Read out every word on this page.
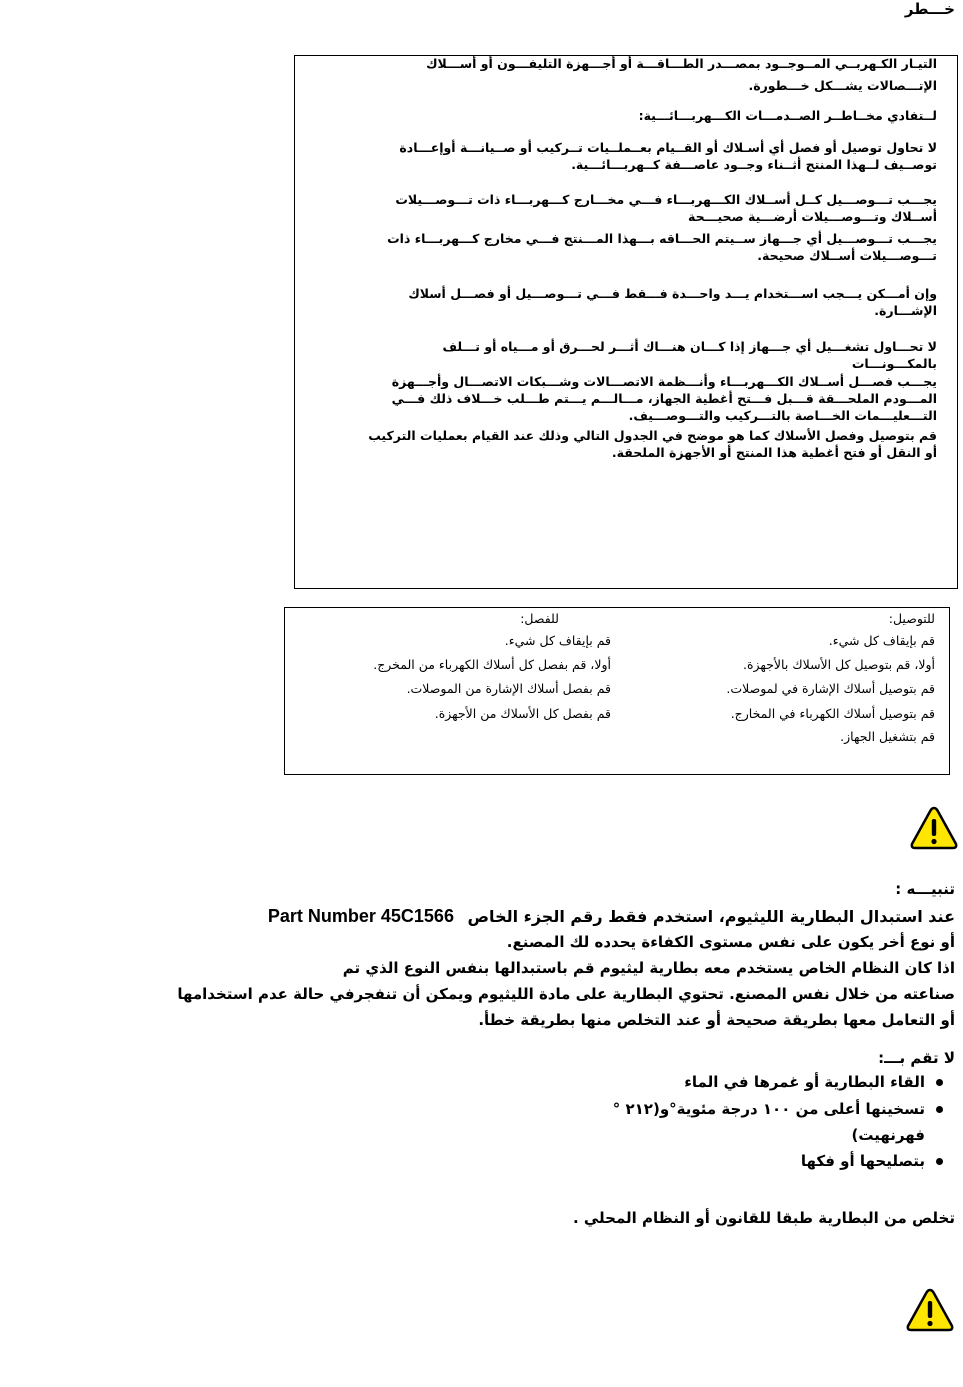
خـــطر
التيـار الكـهربــي المــوجــود بمصـــدر الطـــاقـــة أو أجـــهزة التليفـــون أو أســـلاك
الإتـــصالات يشـــكل خـــطورة.
لــتفادي مخــاطــر الصــدمـــات الكـــهربـــائـــية:
لا تحاول توصيل أو فصل أي أسـلاك أو القــيام بعــملــيات تــركيب أو صــيانـــة أوإعـــادة
توصــيف لــهذا المنتج أثــناء وجــود عاصـــفة كــهربـــائـــية.
يجـــب تـــوصـــيل كــل أســلاك الكـــهربـــاء فـــي مخـــارج كـــهربـــاء ذات تـــوصـــيلات
أســلاك وتـــوصـــيلات أرضـــية صحيـــحة
يجـــب تـــوصـــيل أي جـــهاز ســيتم الحـــاقه بـــهذا المـــنتج فـــي مخارج كـــهربـــاء ذات
تـــوصـــيلات أســلاك صحيحة.
وإن أمـــكن يـــجب اســـتخدام يـــد واحـــدة فـــقط فـــي تـــوصـــيل أو فصـــل أسلاك
الإشـــارة.
لا تحـــاول تشغـــيل أي جـــهاز إذا كـــان هنـــاك أثـــر لحـــرق أو مـــياه أو تـــلف
بالمكـــونـــات
يجـــب فصـــل أســلاك الكـــهربـــاء وأنـــظمة الاتصـــالات وشـــبكات الاتصـــال وأجـــهزة
المـــودم الملحـــقة قـــبل فـــتح أغطية الجهاز، مـــالـــم يـــتم طـــلب خـــلاف ذلك فـــي
التـــعليـــمات الخـــاصة بالتـــركيب والتـــوصـــيف.
قم بتوصيل وفصل الأسلاك كما هو موضح في الجدول التالي وذلك عند القيام بعمليات التركيب
أو النقل أو فتح أغطية هذا المنتج أو الأجهزة الملحقة.
للتوصيل:
للفصل:
قم بإيقاف كل شيء.
أولا، قم بتوصيل كل الأسلاك بالأجهزة.
قم بتوصيل أسلاك الإشارة في لموصلات.
قم بتوصيل أسلاك الكهرباء في المخارج.
قم بتشغيل الجهاز.
قم بإيقاف كل شيء.
أولا، قم بفصل كل أسلاك الكهرباء من المخرج.
قم بفصل أسلاك الإشارة من الموصلات.
قم بفصل كل الأسلاك من الأجهزة.
تنبيـــه :
عند استبدال البطارية الليثيوم، استخدم فقط رقم الجزء الخاص Part Number 45C1566
أو نوع أخر يكون على نفس مستوى الكفاءة يحدده لك المصنع.
اذا كان النظام الخاص يستخدم معه بطارية ليثيوم قم باستبدالها بنفس النوع الذي تم
صناعته من خلال نفس المصنع. تحتوي البطارية على مادة الليثيوم ويمكن أن تنفجرفي حالة عدم استخدامها
أو التعامل معها بطريقة صحيحة أو عند التخلص منها بطريقة خطأ.
لا تقم بـــ:
القاء البطارية أو غمرها في الماء
تسخينها أعلى من ١٠٠ درجة مئوية°و(٢١٢ °
فهرنهيت)
بتصليحها أو فكها
تخلص من البطارية طبقا للقانون أو النظام المحلي .
